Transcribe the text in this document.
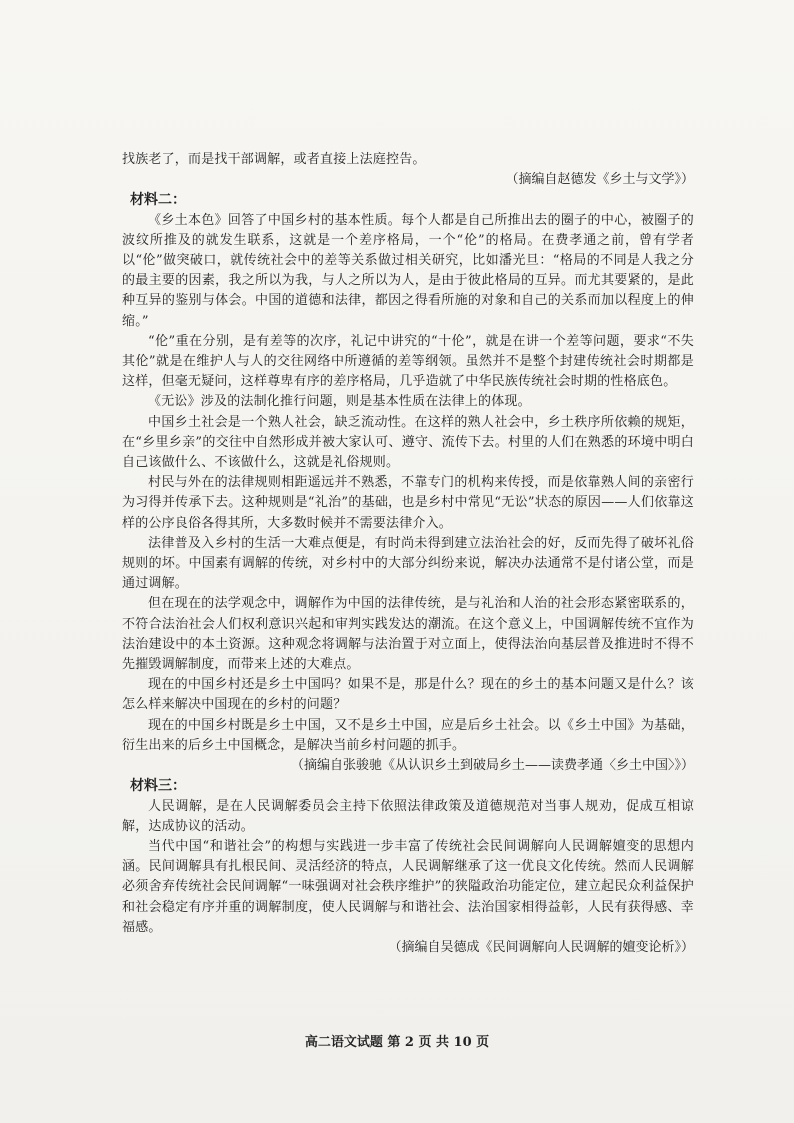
找族老了，而是找干部调解，或者直接上法庭控告。

（摘编自赵德发《乡土与文学》）

材料二：

《乡土本色》回答了中国乡村的基本性质。每个人都是自己所推出去的圈子的中心，被圈子的波纹所推及的就发生联系，这就是一个差序格局，一个“伦”的格局。在费孝通之前，曾有学者以“伦”做突破口，就传统社会中的差等关系做过相关研究，比如潘光旦：“格局的不同是人我之分的最主要的因素，我之所以为我，与人之所以为人，是由于彼此格局的互异。而尤其要紧的，是此种互异的鉴别与体会。中国的道德和法律，都因之得看所施的对象和自己的关系而加以程度上的伸缩。”

“伦”重在分别，是有差等的次序，礼记中讲究的“十伦”，就是在讲一个差等问题，要求“不失其伦”就是在维护人与人的交往网络中所遵循的差等纲领。虽然并不是整个封建传统社会时期都是这样，但毫无疑问，这样尊卑有序的差序格局，几乎造就了中华民族传统社会时期的性格底色。

《无讼》涉及的法制化推行问题，则是基本性质在法律上的体现。

中国乡土社会是一个熟人社会，缺乏流动性。在这样的熟人社会中，乡土秩序所依赖的规矩，在“乡里乡亲”的交往中自然形成并被大家认可、遵守、流传下去。村里的人们在熟悉的环境中明白自己该做什么、不该做什么，这就是礼俗规则。

村民与外在的法律规则相距遥远并不熟悉，不靠专门的机构来传授，而是依靠熟人间的亲密行为习得并传承下去。这种规则是“礼治”的基础，也是乡村中常见“无讼”状态的原因——人们依靠这样的公序良俗各得其所，大多数时候并不需要法律介入。

法律普及入乡村的生活一大难点便是，有时尚未得到建立法治社会的好，反而先得了破坏礼俗规则的坏。中国素有调解的传统，对乡村中的大部分纠纷来说，解决办法通常不是付诸公堂，而是通过调解。

但在现在的法学观念中，调解作为中国的法律传统，是与礼治和人治的社会形态紧密联系的，不符合法治社会人们权利意识兴起和审判实践发达的潮流。在这个意义上，中国调解传统不宜作为法治建设中的本土资源。这种观念将调解与法治置于对立面上，使得法治向基层普及推进时不得不先摧毁调解制度，而带来上述的大难点。

现在的中国乡村还是乡土中国吗？如果不是，那是什么？现在的乡土的基本问题又是什么？该怎么样来解决中国现在的乡村的问题？

现在的中国乡村既是乡土中国，又不是乡土中国，应是后乡土社会。以《乡土中国》为基础，衍生出来的后乡土中国概念，是解决当前乡村问题的抓手。

（摘编自张骏驰《从认识乡土到破局乡土——读费孝通〈乡土中国〉》）

材料三：

人民调解，是在人民调解委员会主持下依照法律政策及道德规范对当事人规劝，促成互相谅解，达成协议的活动。

当代中国“和谐社会”的构想与实践进一步丰富了传统社会民间调解向人民调解嬗变的思想内涵。民间调解具有扎根民间、灵活经济的特点，人民调解继承了这一优良文化传统。然而人民调解必须舍弃传统社会民间调解“一味强调对社会秩序维护”的狭隘政治功能定位，建立起民众利益保护和社会稳定有序并重的调解制度，使人民调解与和谐社会、法治国家相得益彰，人民有获得感、幸福感。

（摘编自吴德成《民间调解向人民调解的嬗变论析》）

高二语文试题 第 2 页 共 10 页
